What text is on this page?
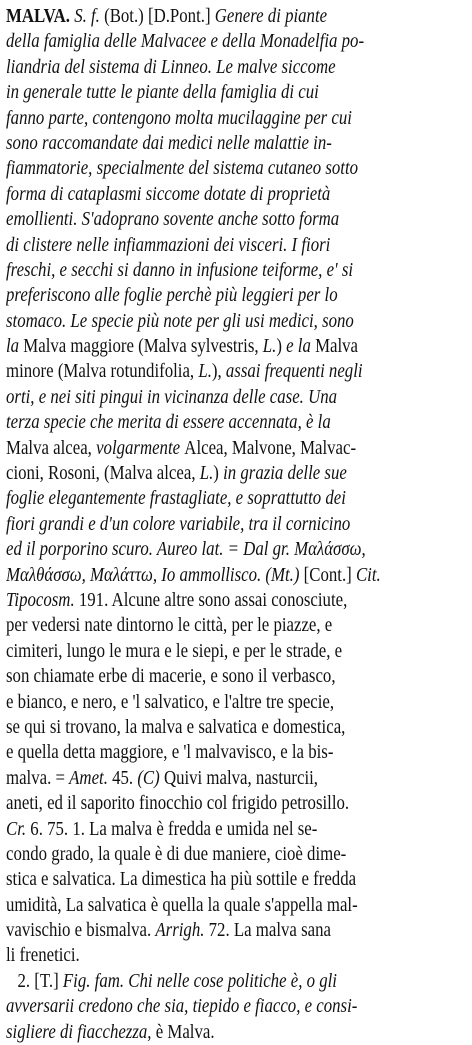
MALVA. S. f. (Bot.) [D.Pont.] Genere di piante
della famiglia delle Malvacee e della Monadelfia po-
liandria del sistema di Linneo. Le malve siccome
in generale tutte le piante della famiglia di cui
fanno parte, contengono molta mucilaggine per cui
sono raccomandate dai medici nelle malattie in-
fiammatorie, specialmente del sistema cutaneo sotto
forma di cataplasmi siccome dotate di proprietà
emollienti. S'adoprano sovente anche sotto forma
di clistere nelle infiammazioni dei visceri. I fiori
freschi, e secchi si danno in infusione teiforme, e' si
preferiscono alle foglie perchè più leggieri per lo
stomaco. Le specie più note per gli usi medici, sono
la Malva maggiore (Malva sylvestris, L.) e la Malva
minore (Malva rotundifolia, L.), assai frequenti negli
orti, e nei siti pingui in vicinanza delle case. Una
terza specie che merita di essere accennata, è la
Malva alcea, volgarmente Alcea, Malvone, Malvac-
cioni, Rosoni, (Malva alcea, L.) in grazia delle sue
foglie elegantemente frastagliate, e soprattutto dei
fiori grandi e d'un colore variabile, tra il cornicino
ed il porporino scuro. Aureo lat. = Dal gr. Μαλάσσω,
Μαλθάσσω, Μαλάττω, Io ammollisco. (Mt.) [Cont.] Cit.
Tipocosm. 191. Alcune altre sono assai conosciute,
per vedersi nate dintorno le città, per le piazze, e
cimiteri, lungo le mura e le siepi, e per le strade, e
son chiamate erbe di macerie, e sono il verbasco,
e bianco, e nero, e 'l salvatico, e l'altre tre specie,
se qui si trovano, la malva e salvatica e domestica,
e quella detta maggiore, e 'l malvavisco, e la bis-
malva. = Amet. 45. (C) Quivi malva, nasturcii,
aneti, ed il saporito finocchio col frigido petrosillo.
Cr. 6. 75. 1. La malva è fredda e umida nel se-
condo grado, la quale è di due maniere, cioè dime-
stica e salvatica. La dimestica ha più sottile e fredda
umidità, La salvatica è quella la quale s'appella mal-
vavischio e bismalva. Arrigh. 72. La malva sana
li frenetici.
2. [T.] Fig. fam. Chi nelle cose politiche è, o gli
avversarii credono che sia, tiepido e fiacco, e consi-
sigliere di fiacchezza, è Malva.
